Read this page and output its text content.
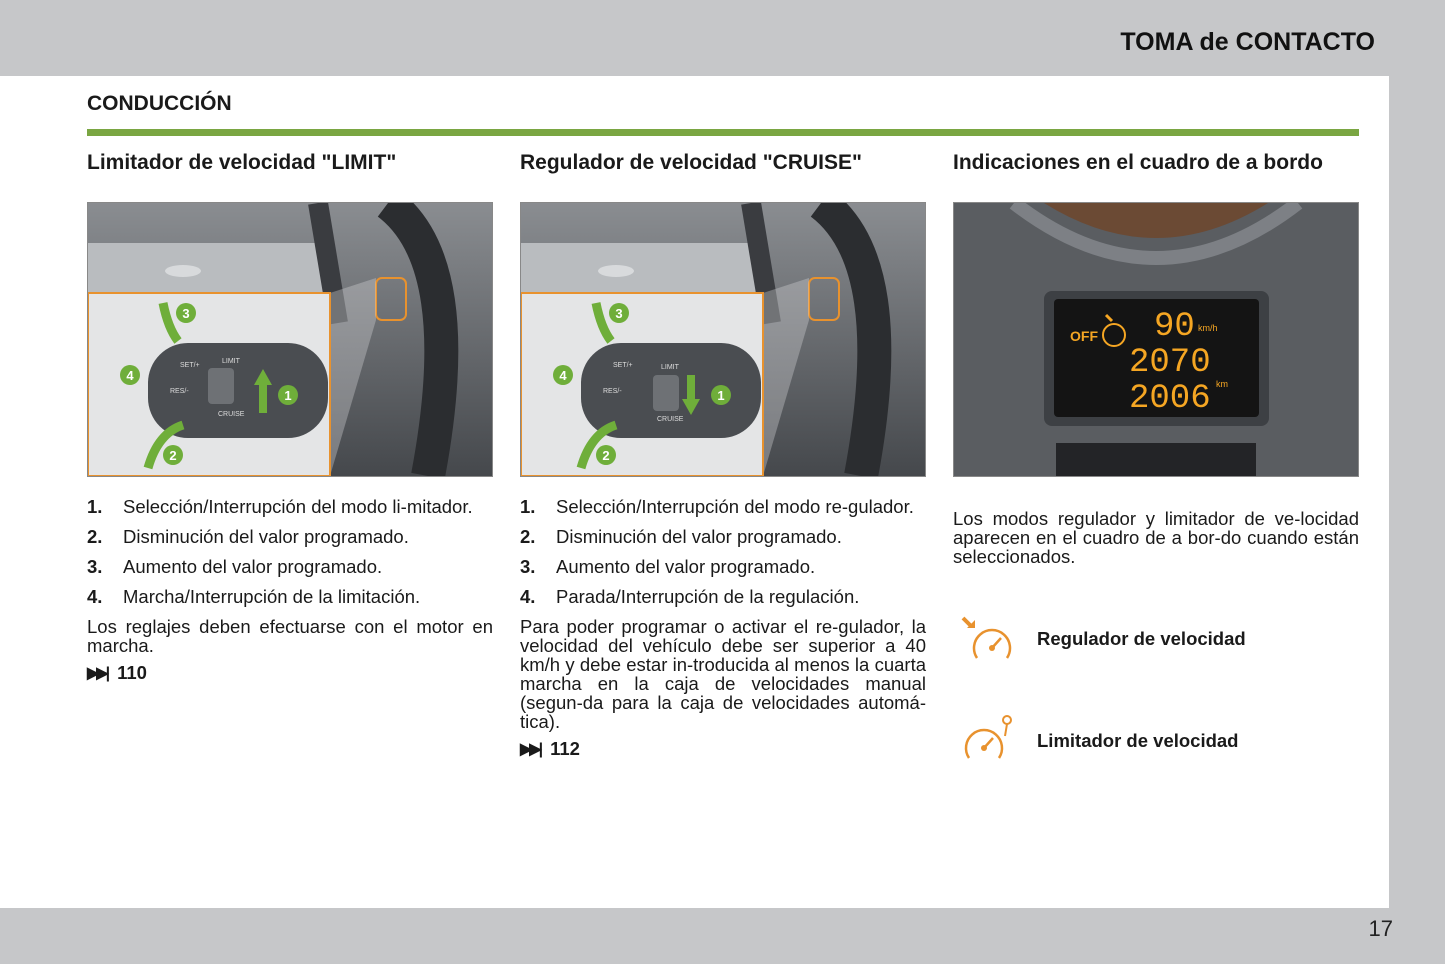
TOMA de CONTACTO
CONDUCCIÓN
Limitador de velocidad "LIMIT"
SET/+
RES/-
LIMIT
CRUISE
1
2
3
4
1. Selección/Interrupción del modo li-mitador.
2. Disminución del valor programado.
3. Aumento del valor programado.
4. Marcha/Interrupción de la limitación.

Los reglajes deben efectuarse con el motor en marcha.

▶▶| 110
Regulador de velocidad "CRUISE"
SET/+
RES/-
LIMIT
CRUISE
1
2
3
4
1. Selección/Interrupción del modo re-gulador.
2. Disminución del valor programado.
3. Aumento del valor programado.
4. Parada/Interrupción de la regulación.

Para poder programar o activar el re-gulador, la velocidad del vehículo debe ser superior a 40 km/h y debe estar in-troducida al menos la cuarta marcha en la caja de velocidades manual (segun-da para la caja de velocidades automá-tica).

▶▶| 112
Indicaciones en el cuadro de a bordo
OFF 90 km/h
2070
2006 km

Los modos regulador y limitador de ve-locidad aparecen en el cuadro de a bor-do cuando están seleccionados.

Regulador de velocidad
Limitador de velocidad
17
